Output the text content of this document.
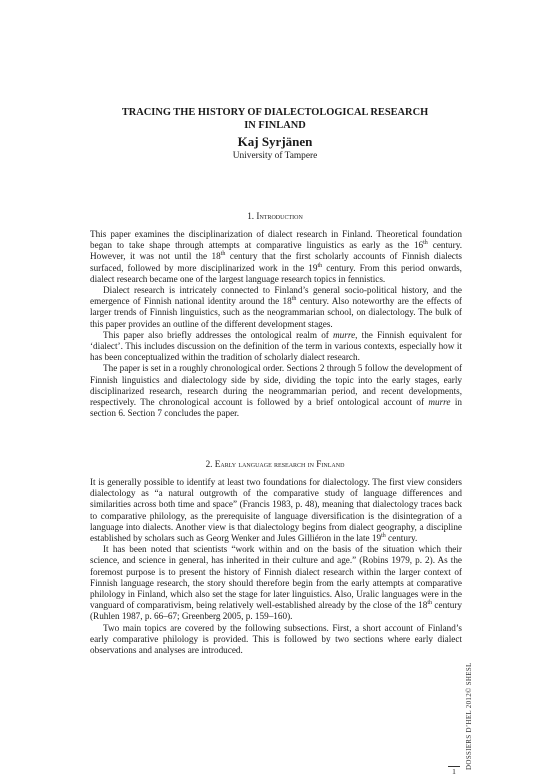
TRACING THE HISTORY OF DIALECTOLOGICAL RESEARCH
IN FINLAND
Kaj Syrjänen
University of Tampere
1. Introduction

This paper examines the disciplinarization of dialect research in Finland. Theoretical foundation began to take shape through attempts at comparative linguistics as early as the 16th century. However, it was not until the 18th century that the first scholarly accounts of Finnish dialects surfaced, followed by more disciplinarized work in the 19th century. From this period onwards, dialect research became one of the largest language research topics in fennistics.

Dialect research is intricately connected to Finland’s general socio-political history, and the emergence of Finnish national identity around the 18th century. Also noteworthy are the effects of larger trends of Finnish linguistics, such as the neogrammarian school, on dialectology. The bulk of this paper provides an outline of the different development stages.

This paper also briefly addresses the ontological realm of murre, the Finnish equivalent for ‘dialect’. This includes discussion on the definition of the term in various contexts, especially how it has been conceptualized within the tradition of scholarly dialect research.

The paper is set in a roughly chronological order. Sections 2 through 5 follow the development of Finnish linguistics and dialectology side by side, dividing the topic into the early stages, early disciplinarized research, research during the neogrammarian period, and recent developments, respectively. The chronological account is followed by a brief ontological account of murre in section 6. Section 7 concludes the paper.

2. Early language research in Finland

It is generally possible to identify at least two foundations for dialectology. The first view considers dialectology as “a natural outgrowth of the comparative study of language differences and similarities across both time and space” (Francis 1983, p. 48), meaning that dialectology traces back to comparative philology, as the prerequisite of language diversification is the disintegration of a language into dialects. Another view is that dialectology begins from dialect geography, a discipline established by scholars such as Georg Wenker and Jules Gilliéron in the late 19th century.

It has been noted that scientists “work within and on the basis of the situation which their science, and science in general, has inherited in their culture and age.” (Robins 1979, p. 2). As the foremost purpose is to present the history of Finnish dialect research within the larger context of Finnish language research, the story should therefore begin from the early attempts at comparative philology in Finland, which also set the stage for later linguistics. Also, Uralic languages were in the vanguard of comparativism, being relatively well-established already by the close of the 18th century (Ruhlen 1987, p. 66–67; Greenberg 2005, p. 159–160).

Two main topics are covered by the following subsections. First, a short account of Finland’s early comparative philology is provided. This is followed by two sections where early dialect observations and analyses are introduced.

DOSSIERS D’HEL 2012© SHESL
1
